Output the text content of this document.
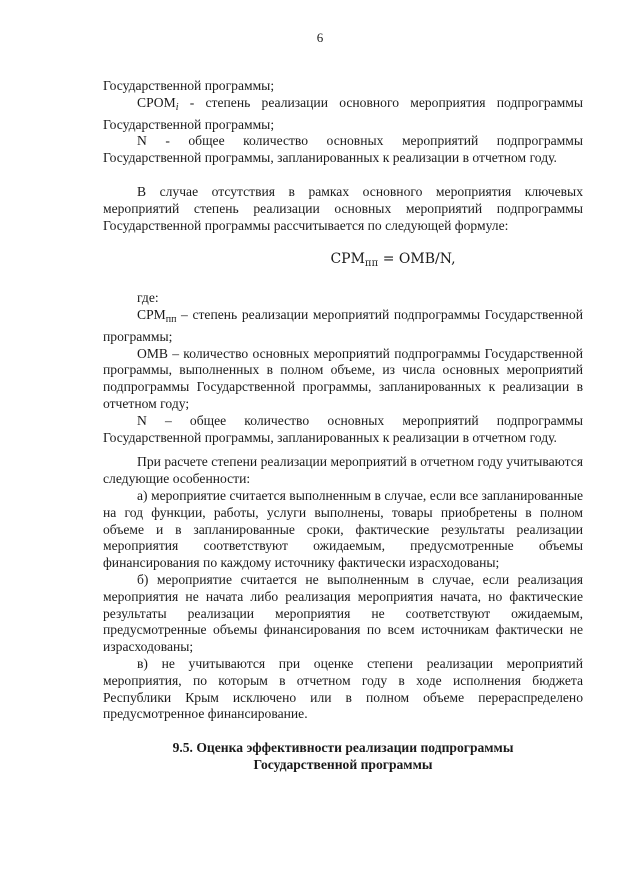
6

Государственной программы;

$СРОМ_i$ - степень реализации основного мероприятия подпрограммы Государственной программы;

N - общее количество основных мероприятий подпрограммы Государственной программы, запланированных к реализации в отчетном году.

В случае отсутствия в рамках основного мероприятия ключевых мероприятий степень реализации основных мероприятий подпрограммы Государственной программы рассчитывается по следующей формуле:

$СРМ_{пп} = ОМВ/N$,

где:

$СРМ_{пп}$ – степень реализации мероприятий подпрограммы Государственной программы;

ОМВ – количество основных мероприятий подпрограммы Государственной программы, выполненных в полном объеме, из числа основных мероприятий подпрограммы Государственной программы, запланированных к реализации в отчетном году;

N – общее количество основных мероприятий подпрограммы Государственной программы, запланированных к реализации в отчетном году.

При расчете степени реализации мероприятий в отчетном году учитываются следующие особенности:

а) мероприятие считается выполненным в случае, если все запланированные на год функции, работы, услуги выполнены, товары приобретены в полном объеме и в запланированные сроки, фактические результаты реализации мероприятия соответствуют ожидаемым, предусмотренные объемы финансирования по каждому источнику фактически израсходованы;

б) мероприятие считается не выполненным в случае, если реализация мероприятия не начата либо реализация мероприятия начата, но фактические результаты реализации мероприятия не соответствуют ожидаемым, предусмотренные объемы финансирования по всем источникам фактически не израсходованы;

в) не учитываются при оценке степени реализации мероприятий мероприятия, по которым в отчетном году в ходе исполнения бюджета Республики Крым исключено или в полном объеме перераспределено предусмотренное финансирование.

9.5. Оценка эффективности реализации подпрограммы

Государственной программы
